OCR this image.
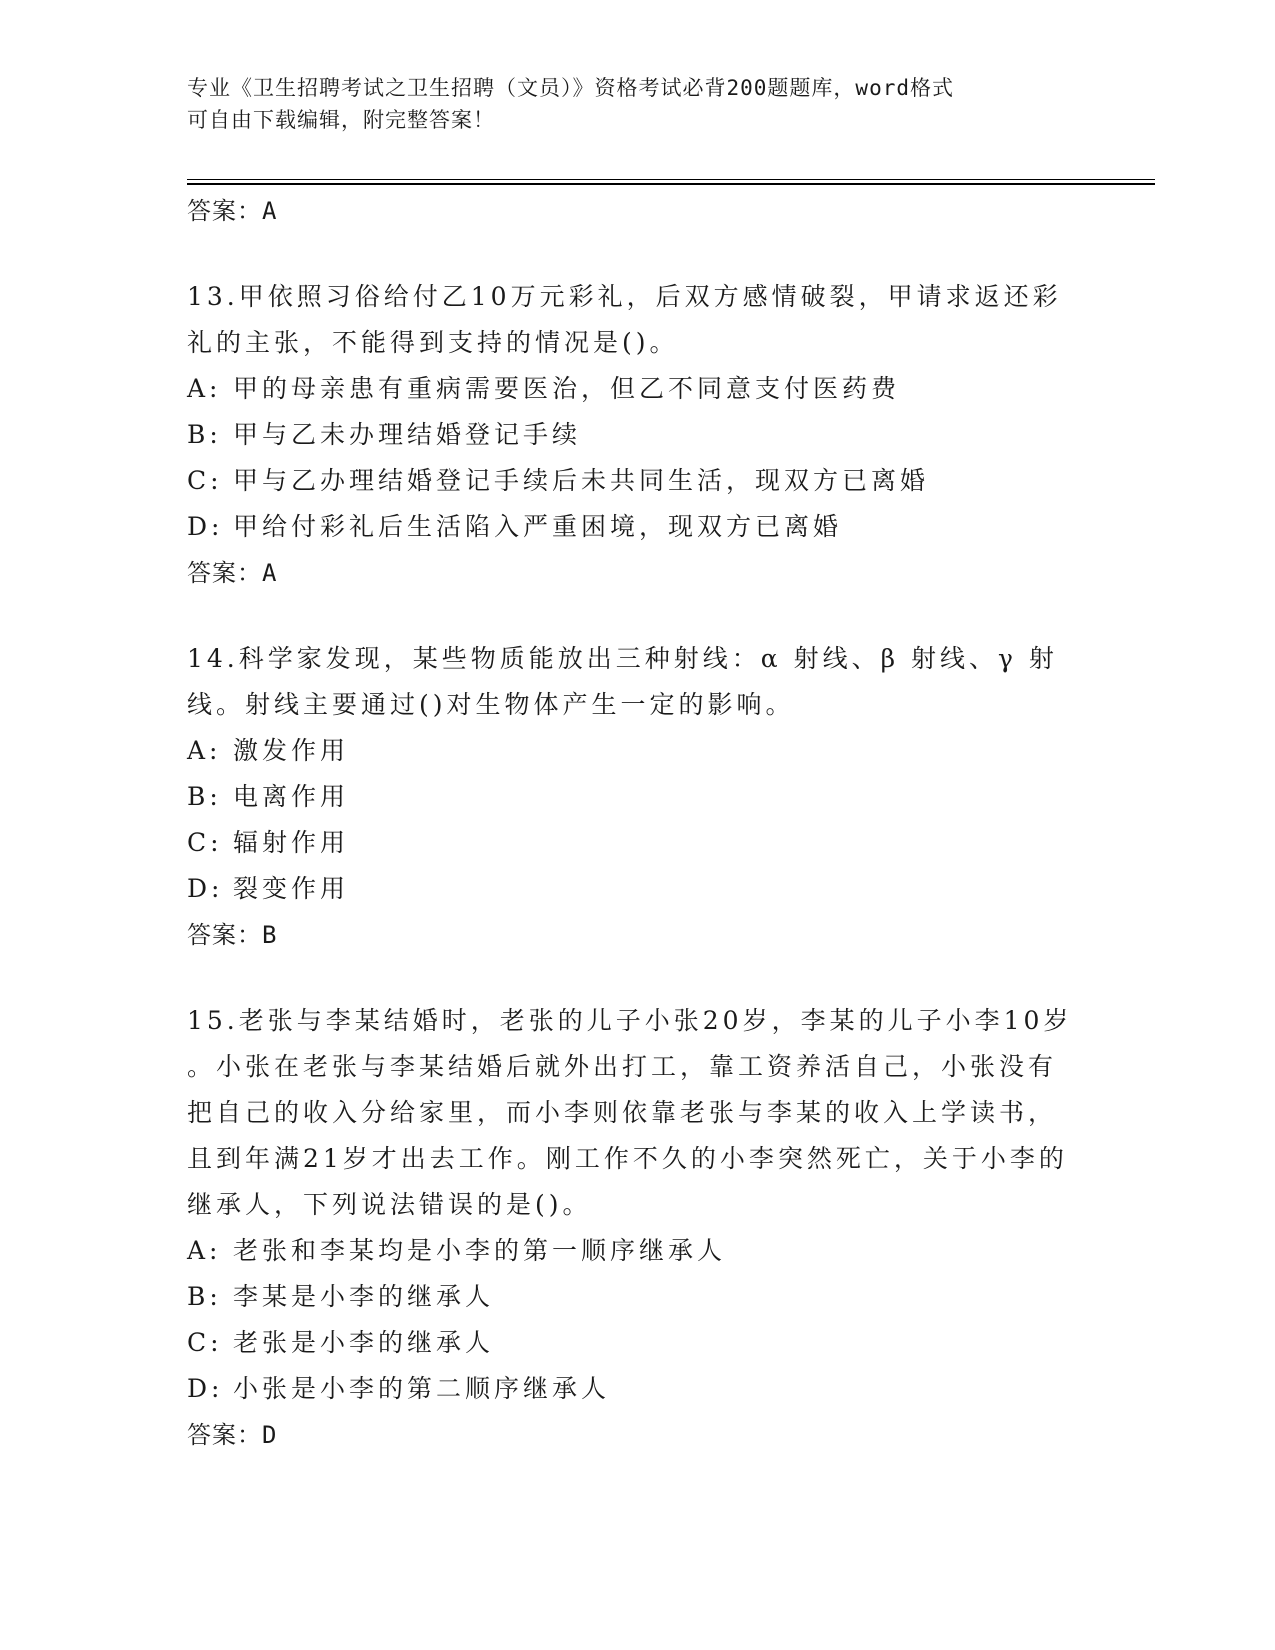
专业《卫生招聘考试之卫生招聘（文员）》资格考试必背200题题库，word格式
可自由下载编辑，附完整答案！
答案：A
13.甲依照习俗给付乙10万元彩礼，后双方感情破裂，甲请求返还彩
礼的主张，不能得到支持的情况是()。
A: 甲的母亲患有重病需要医治，但乙不同意支付医药费
B: 甲与乙未办理结婚登记手续
C: 甲与乙办理结婚登记手续后未共同生活，现双方已离婚
D: 甲给付彩礼后生活陷入严重困境，现双方已离婚
答案：A
14.科学家发现，某些物质能放出三种射线：α 射线、β 射线、γ 射
线。射线主要通过()对生物体产生一定的影响。
A: 激发作用
B: 电离作用
C: 辐射作用
D: 裂变作用
答案：B
15.老张与李某结婚时，老张的儿子小张20岁，李某的儿子小李10岁
。小张在老张与李某结婚后就外出打工，靠工资养活自己，小张没有
把自己的收入分给家里，而小李则依靠老张与李某的收入上学读书，
且到年满21岁才出去工作。刚工作不久的小李突然死亡，关于小李的
继承人，下列说法错误的是()。
A: 老张和李某均是小李的第一顺序继承人
B: 李某是小李的继承人
C: 老张是小李的继承人
D: 小张是小李的第二顺序继承人
答案：D
